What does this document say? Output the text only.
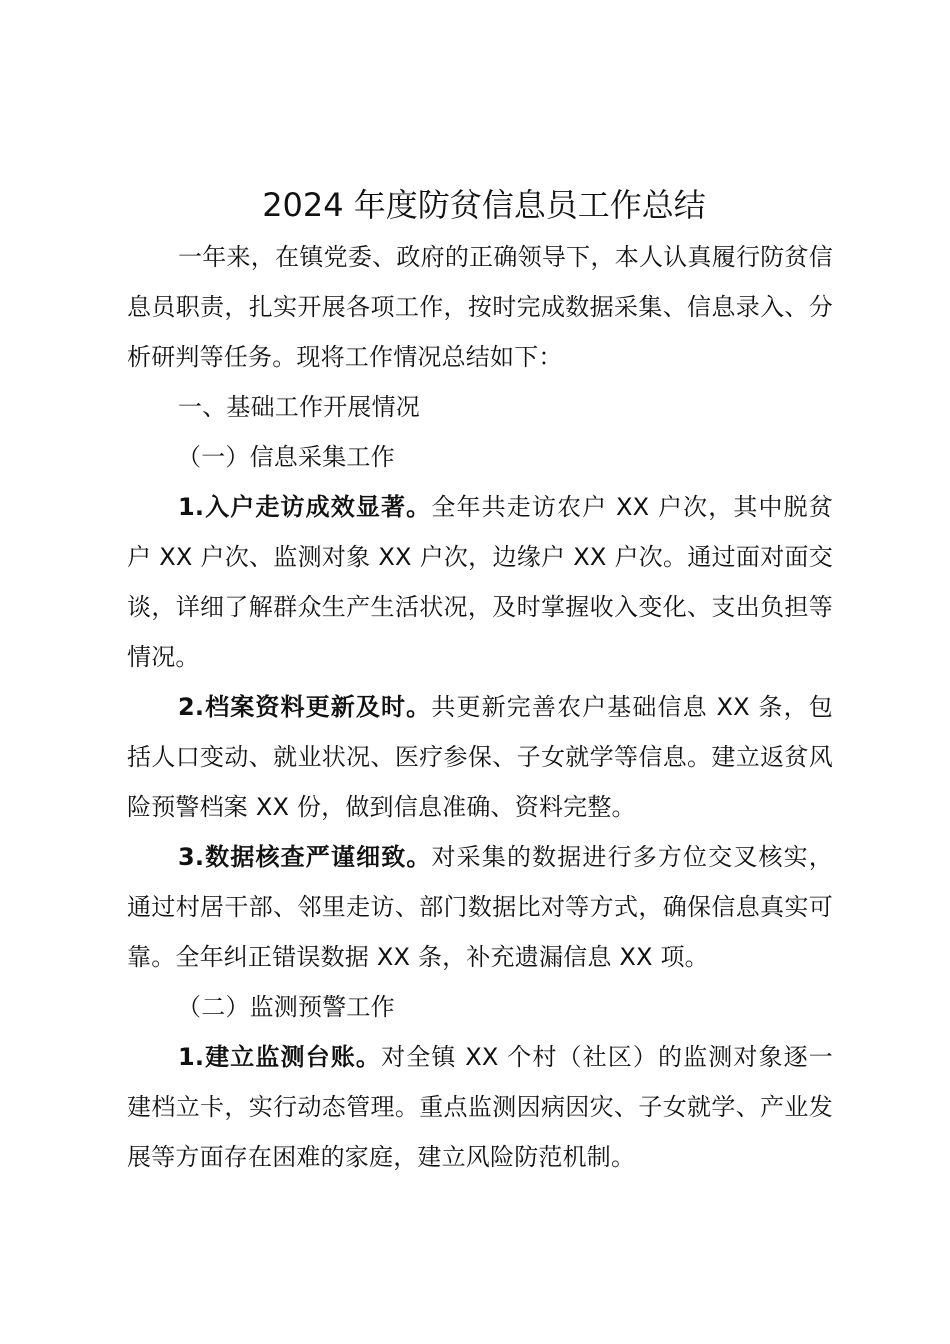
2024 年度防贫信息员工作总结

一年来，在镇党委、政府的正确领导下，本人认真履行防贫信息员职责，扎实开展各项工作，按时完成数据采集、信息录入、分析研判等任务。现将工作情况总结如下：

一、基础工作开展情况

（一）信息采集工作

1.入户走访成效显著。全年共走访农户 XX 户次，其中脱贫户 XX 户次、监测对象 XX 户次，边缘户 XX 户次。通过面对面交谈，详细了解群众生产生活状况，及时掌握收入变化、支出负担等情况。

2.档案资料更新及时。共更新完善农户基础信息 XX 条，包括人口变动、就业状况、医疗参保、子女就学等信息。建立返贫风险预警档案 XX 份，做到信息准确、资料完整。

3.数据核查严谨细致。对采集的数据进行多方位交叉核实，通过村居干部、邻里走访、部门数据比对等方式，确保信息真实可靠。全年纠正错误数据 XX 条，补充遗漏信息 XX 项。

（二）监测预警工作

1.建立监测台账。对全镇 XX 个村（社区）的监测对象逐一建档立卡，实行动态管理。重点监测因病因灾、子女就学、产业发展等方面存在困难的家庭，建立风险防范机制。
